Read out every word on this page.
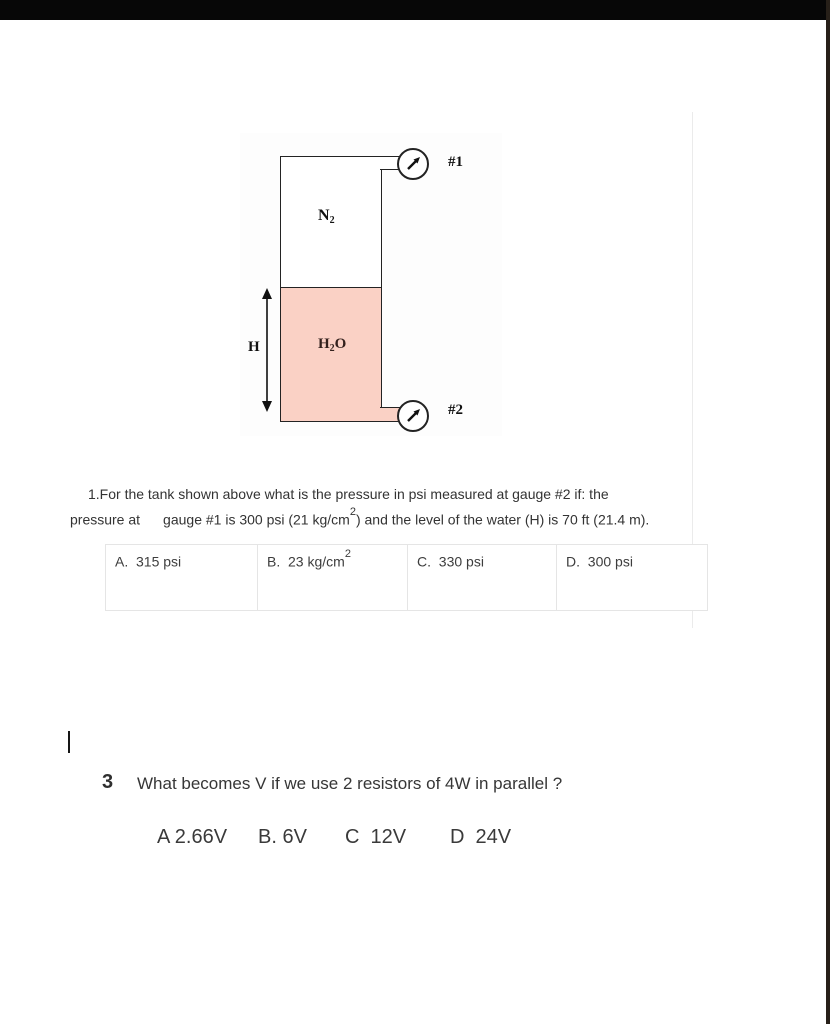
#1
#2
$N_2$
$H_2O$
H
1.For the tank shown above what is the pressure in psi measured at gauge #2 if: the
pressure at gauge #1 is 300 psi (21 $kg/cm^2$) and the level of the water (H) is 70 ft (21.4 m).
A.  315 psi	B.  23 $kg/cm^2$	C.  330 psi	D.  300 psi
3 What becomes V if we use 2 resistors of 4W in parallel ?
A 2.66V B. 6V C  12V D  24V
